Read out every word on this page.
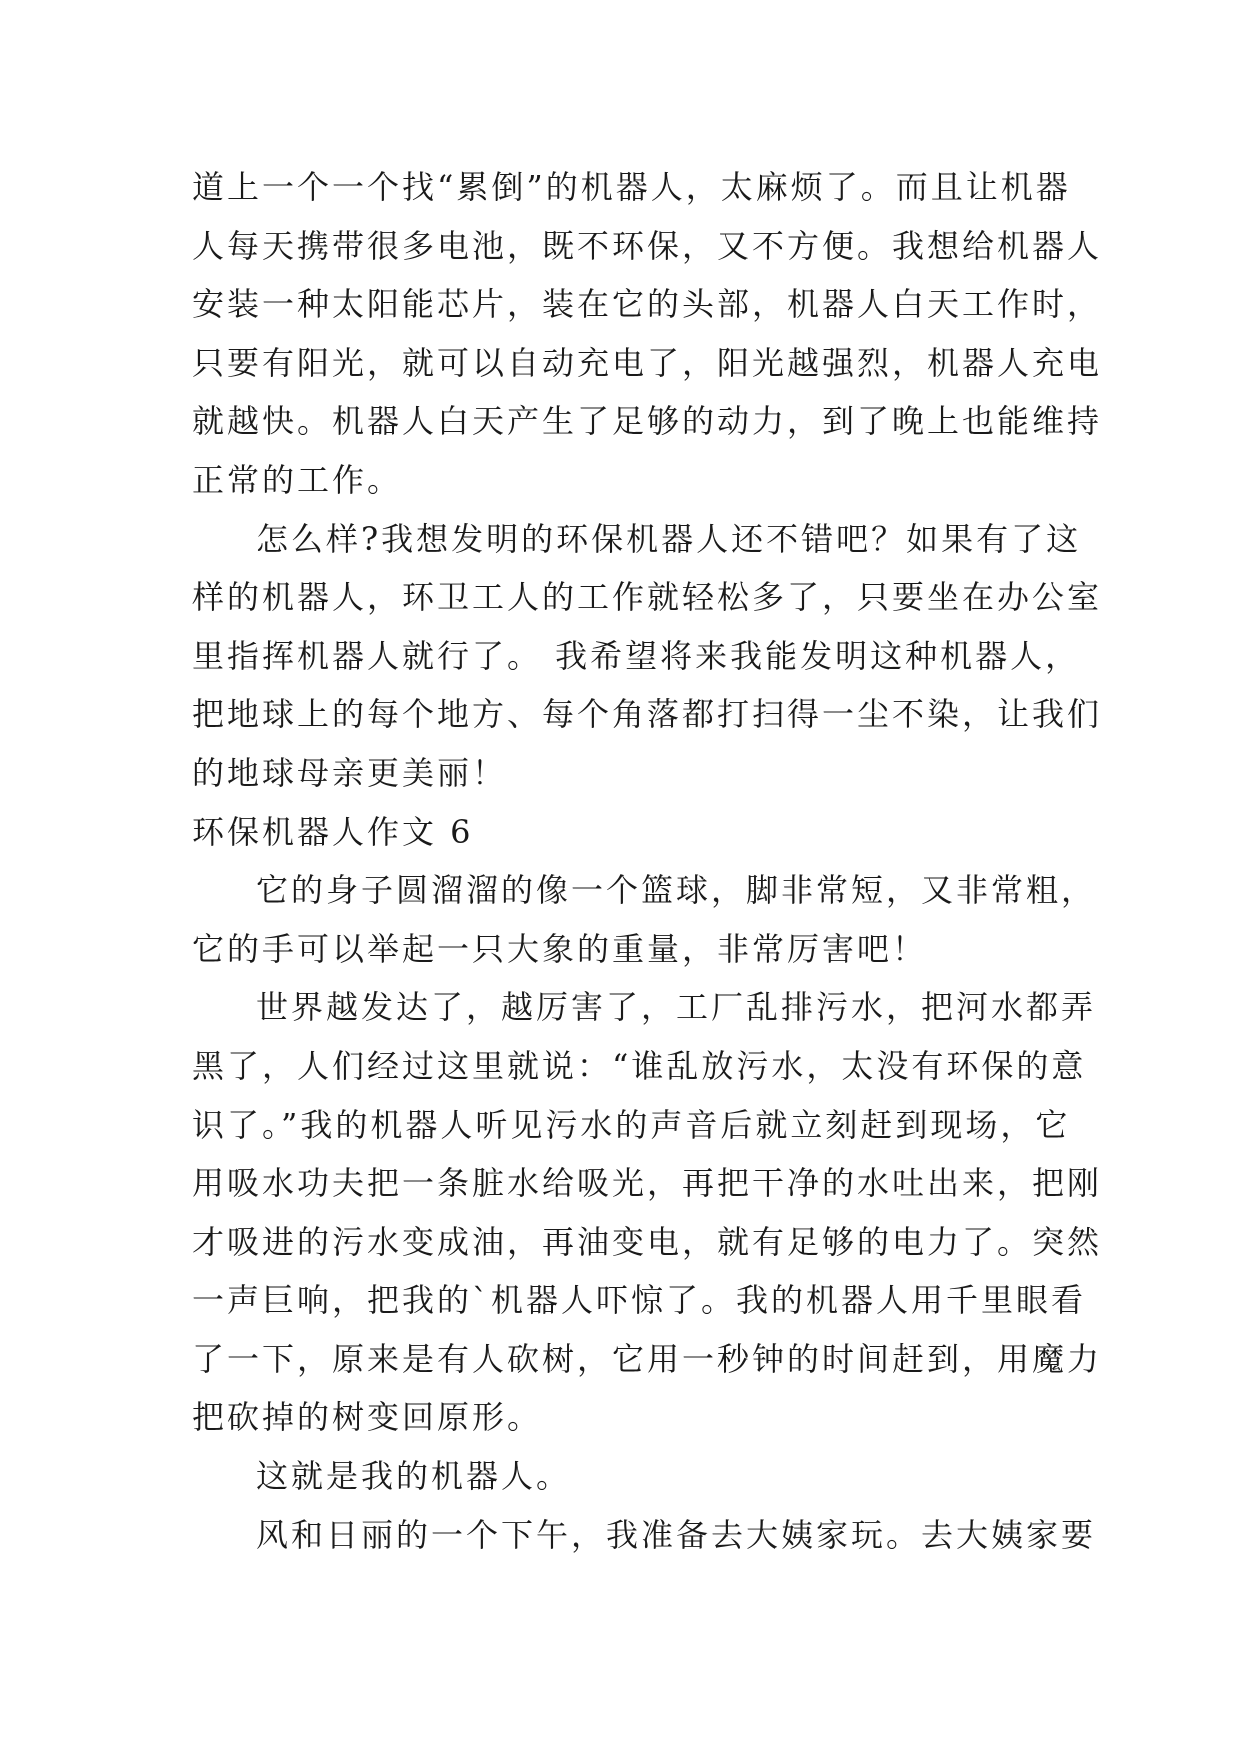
道上一个一个找“累倒”的机器人，太麻烦了。而且让机器
人每天携带很多电池，既不环保，又不方便。我想给机器人
安装一种太阳能芯片，装在它的头部，机器人白天工作时，
只要有阳光，就可以自动充电了，阳光越强烈，机器人充电
就越快。机器人白天产生了足够的动力，到了晚上也能维持
正常的工作。
怎么样?我想发明的环保机器人还不错吧？如果有了这
样的机器人，环卫工人的工作就轻松多了，只要坐在办公室
里指挥机器人就行了。 我希望将来我能发明这种机器人，
把地球上的每个地方、每个角落都打扫得一尘不染，让我们
的地球母亲更美丽！
环保机器人作文 6
它的身子圆溜溜的像一个篮球，脚非常短，又非常粗，
它的手可以举起一只大象的重量，非常厉害吧！
世界越发达了，越厉害了，工厂乱排污水，把河水都弄
黑了，人们经过这里就说：“谁乱放污水，太没有环保的意
识了。”我的机器人听见污水的声音后就立刻赶到现场，它
用吸水功夫把一条脏水给吸光，再把干净的水吐出来，把刚
才吸进的污水变成油，再油变电，就有足够的电力了。突然
一声巨响，把我的`机器人吓惊了。我的机器人用千里眼看
了一下，原来是有人砍树，它用一秒钟的时间赶到，用魔力
把砍掉的树变回原形。
这就是我的机器人。
风和日丽的一个下午，我准备去大姨家玩。去大姨家要
